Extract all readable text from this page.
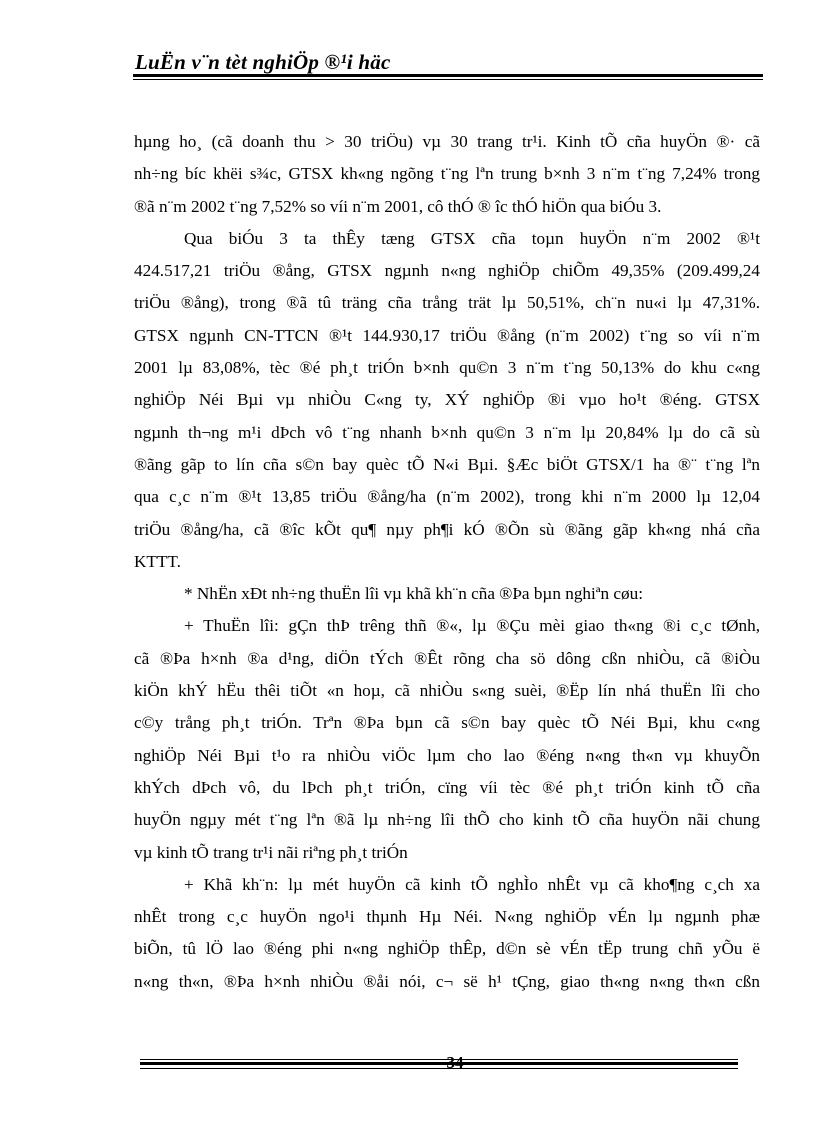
LuËn v¨n tèt nghiÖp ®¹i häc
hµng ho¸ (cã doanh thu > 30 triÖu) vµ 30 trang tr¹i. Kinh tÕ cña huyÖn ®· cã
nh÷ng bíc khëi s¾c, GTSX kh«ng ngõng t¨ng lªn trung b×nh 3 n¨m t¨ng 7,24% trong
®ã n¨m 2002 t¨ng 7,52% so víi n¨m 2001, cô thÓ ® îc thÓ hiÖn qua biÓu 3.
Qua biÓu 3 ta thÊy tæng GTSX cña toµn huyÖn n¨m 2002 ®¹t
424.517,21 triÖu ®ång, GTSX ngµnh n«ng nghiÖp chiÕm 49,35% (209.499,24
triÖu ®ång), trong ®ã tû träng cña trång trät lµ 50,51%, ch¨n nu«i lµ 47,31%.
GTSX ngµnh CN-TTCN ®¹t 144.930,17 triÖu ®ång (n¨m 2002) t¨ng so víi n¨m
2001 lµ 83,08%, tèc ®é ph¸t triÓn b×nh qu©n 3 n¨m t¨ng 50,13% do khu c«ng
nghiÖp Néi Bµi vµ nhiÒu C«ng ty, XÝ nghiÖp ®i vµo ho¹t ®éng. GTSX
ngµnh th¬ng m¹i dÞch vô t¨ng nhanh b×nh qu©n 3 n¨m lµ 20,84% lµ do cã sù
®ãng gãp to lín cña s©n bay quèc tÕ N«i Bµi. §Æc biÖt GTSX/1 ha ®¨ t¨ng lªn
qua c¸c n¨m ®¹t 13,85 triÖu ®ång/ha (n¨m 2002), trong khi n¨m 2000 lµ 12,04
triÖu ®ång/ha, cã ®îc kÕt qu¶ nµy ph¶i kÓ ®Õn sù ®ãng gãp kh«ng nhá cña
KTTT.
* NhËn xÐt nh÷ng thuËn lîi vµ khã kh¨n cña ®Þa bµn nghiªn cøu:
+ ThuËn lîi: gÇn thÞ trêng thñ ®«, lµ ®Çu mèi giao th«ng ®i c¸c tØnh,
cã ®Þa h×nh ®a d¹ng, diÖn tÝch ®Êt rõng cha sö dông cßn nhiÒu, cã ®iÒu
kiÖn khÝ hËu thêi tiÕt «n hoµ, cã nhiÒu s«ng suèi, ®Ëp lín nhá thuËn lîi cho
c©y trång ph¸t triÓn. Trªn ®Þa bµn cã s©n bay quèc tÕ Néi Bµi, khu c«ng
nghiÖp Néi Bµi t¹o ra nhiÒu viÖc lµm cho lao ®éng n«ng th«n vµ khuyÕn
khÝch dÞch vô, du lÞch ph¸t triÓn, cïng víi tèc ®é ph¸t triÓn kinh tÕ cña
huyÖn ngµy mét t¨ng lªn ®ã lµ nh÷ng lîi thÕ cho kinh tÕ cña huyÖn nãi chung
vµ kinh tÕ trang tr¹i nãi riªng ph¸t triÓn
+ Khã kh¨n: lµ mét huyÖn cã kinh tÕ nghÌo nhÊt vµ cã kho¶ng c¸ch xa
nhÊt trong c¸c huyÖn ngo¹i thµnh Hµ Néi. N«ng nghiÖp vÉn lµ ngµnh phæ
biÕn, tû lÖ lao ®éng phi n«ng nghiÖp thÊp, d©n sè vÉn tËp trung chñ yÕu ë
n«ng th«n, ®Þa h×nh nhiÒu ®åi nói, c¬ së h¹ tÇng, giao th«ng n«ng th«n cßn
34
